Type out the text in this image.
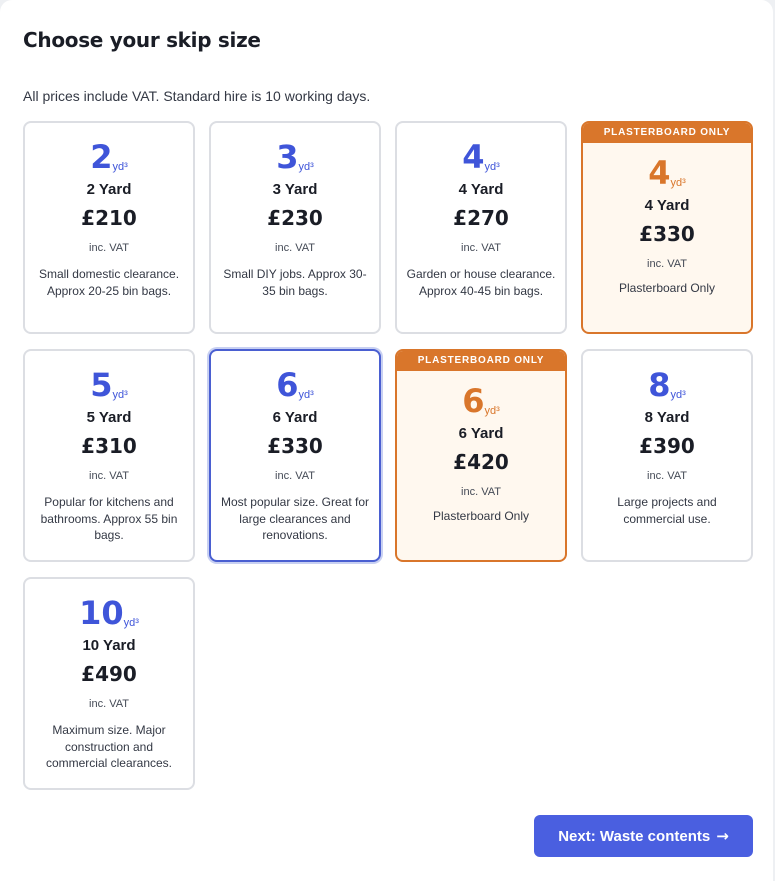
Choose your skip size

All prices include VAT. Standard hire is 10 working days.

2yd³
2 Yard
£210
inc. VAT
Small domestic clearance. Approx 20-25 bin bags.
3yd³
3 Yard
£230
inc. VAT
Small DIY jobs. Approx 30-35 bin bags.
4yd³
4 Yard
£270
inc. VAT
Garden or house clearance. Approx 40-45 bin bags.
PLASTERBOARD ONLY
4yd³
4 Yard
£330
inc. VAT
Plasterboard Only
5yd³
5 Yard
£310
inc. VAT
Popular for kitchens and bathrooms. Approx 55 bin bags.
6yd³
6 Yard
£330
inc. VAT
Most popular size. Great for large clearances and renovations.
PLASTERBOARD ONLY
6yd³
6 Yard
£420
inc. VAT
Plasterboard Only
8yd³
8 Yard
£390
inc. VAT
Large projects and commercial use.
10yd³
10 Yard
£490
inc. VAT
Maximum size. Major construction and commercial clearances.
Next: Waste contents →
